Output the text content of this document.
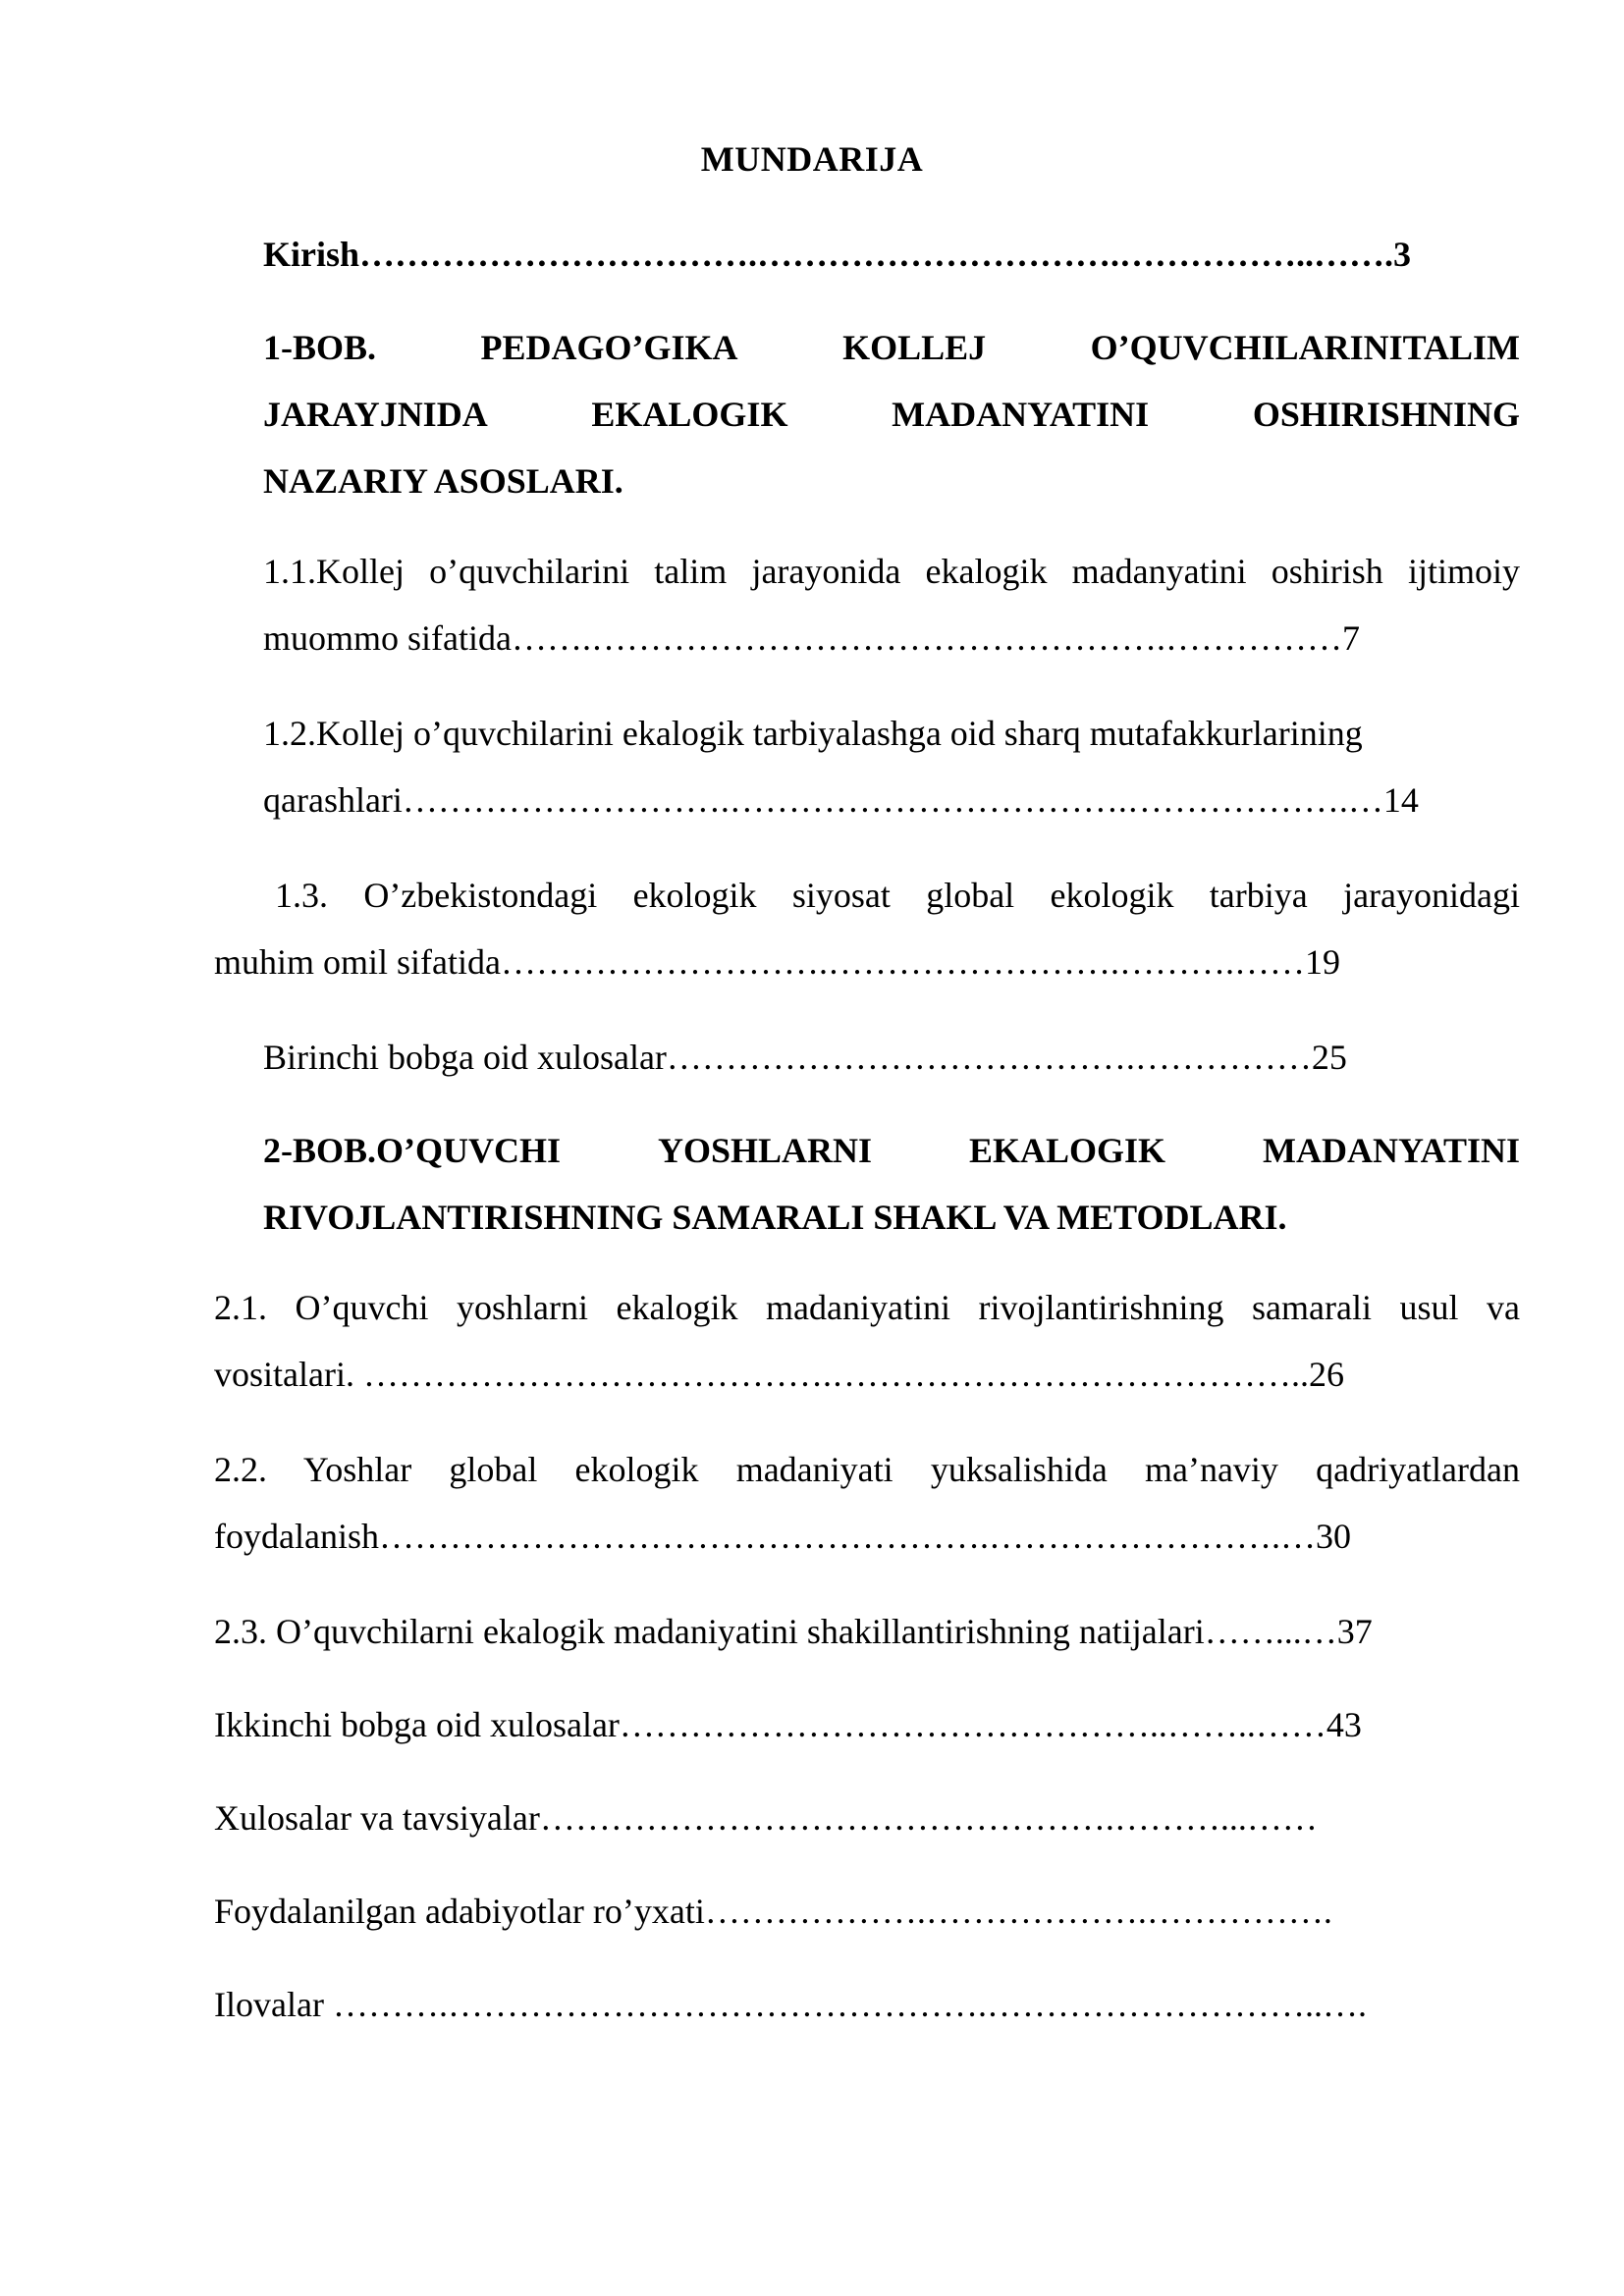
MUNDARIJA
Kirish…………………………….………………………….……………..…….3
1-BOB.	PEDAGO’GIKA	KOLLEJ	O’QUVCHILARINITALIM
JARAYJNIDA	EKALOGIK	MADANYATINI	OSHIRISHNING
NAZARIY ASOSLARI.
1.1.Kollej o’quvchilarini talim jarayonida ekalogik madanyatini oshirish ijtimoiy
muommo sifatida…….………………………………………….……………7
1.2.Kollej o’quvchilarini ekalogik tarbiyalashga oid sharq mutafakkurlarining
qarashlari……………………….…………………………….……………….…14
1.3. O’zbekistondagi ekologik siyosat global ekologik tarbiya jarayonidagi
muhim omil sifatida……………………….…………………….……….……19
Birinchi bobga oid xulosalar………………………………….……………25
2-BOB.O’QUVCHI	YOSHLARNI	EKALOGIK	MADANYATINI
RIVOJLANTIRISHNING SAMARALI SHAKL VA METODLARI.
2.1. O’quvchi yoshlarni ekalogik madaniyatini rivojlantirishning samarali usul va
vositalari. ………………………………….…………………………………..26
2.2. Yoshlar global ekologik madaniyati yuksalishida ma’naviy qadriyatlardan
foydalanish…………………………………………….…………………….…30
2.3. O’quvchilarni ekalogik madaniyatini shakillantirishning natijalari……...…37
Ikkinchi bobga oid xulosalar………………………………………..……..……43
Xulosalar va tavsiyalar………………………………………….………...……
Foydalanilgan adabiyotlar ro’yxati……………….……………….…………….
Ilovalar ……….……………………………………….………………………..….
